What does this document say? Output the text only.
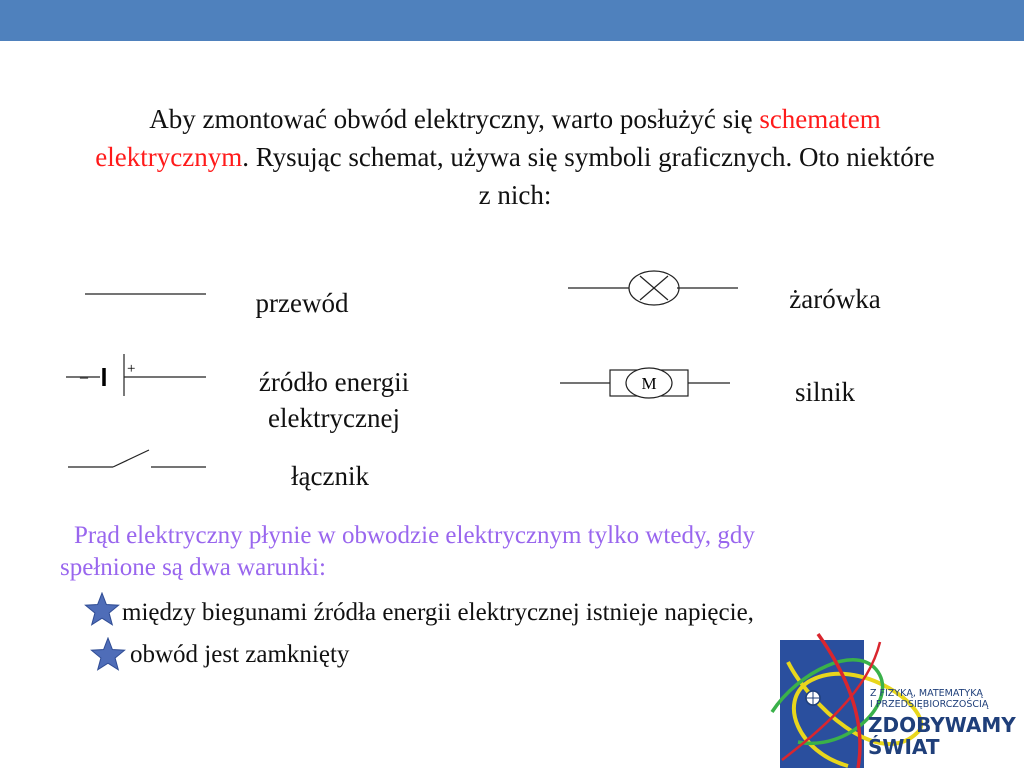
Aby zmontować obwód elektryczny, warto posłużyć się schematem elektrycznym. Rysując schemat, używa się symboli graficznych. Oto niektóre z nich:
przewód
–	+	źródło energii
elektrycznej
łącznik
żarówka
M	silnik
Prąd elektryczny płynie w obwodzie elektrycznym tylko wtedy, gdy
spełnione są dwa warunki:
między biegunami źródła energii elektrycznej istnieje napięcie,
obwód jest zamknięty
Z FIZYKĄ, MATEMATYKĄ
I PRZEDSIĘBIORCZOŚCIĄ
ZDOBYWAMY
ŚWIAT
